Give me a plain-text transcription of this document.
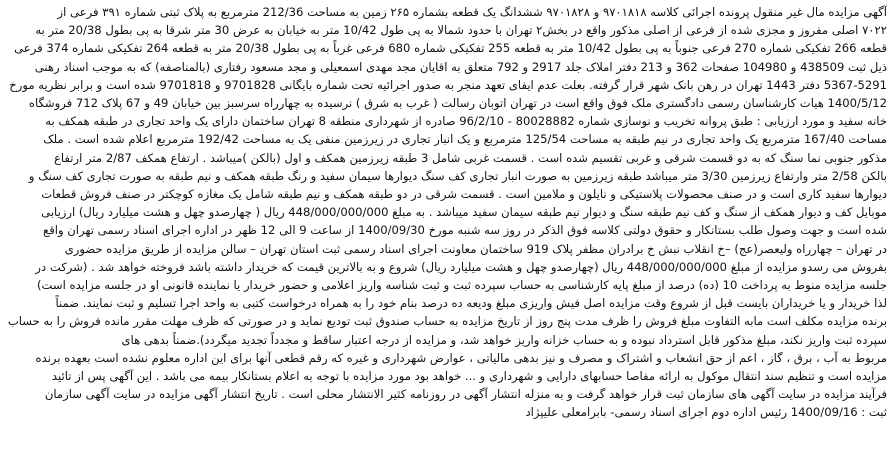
آگهی مزایده مال غیر منقول پرونده اجرائی کلاسه ۹۷۰۱۸۱۸ و ۹۷۰۱۸۲۸ ششدانگ یک قطعه بشماره ۲۶۵ زمین به مساحت 212/36 مترمربع به پلاک ثبتی شماره ۳۹۱ فرعی از
۷۰۲۲ اصلی مفروز و مجزی شده از فرعی از اصلی مذکور واقع در بخش۲ تهران با حدود شمالا به پی طول 10/42 متر به خیابان به عرض 30 متر شرقا به پی بطول 20/38 متر به
قطعه 266 تفکیکی شماره 270 فرعی جنوباً به پی بطول 10/42 متر به قطعه 255 تفکیکی شماره 680 فرعی غرباً به پی بطول 20/38 متر به قطعه 264 تفکیکی شماره 374 فرعی
ذیل ثبت 438509 و 104980 صفحات 362 و 213 دفتر املاک جلد 2917 و 792 متعلق به اقایان مجد مهدی اسمعیلی و مجد مسعود رفتاری (بالمناصفه) که به موجب اسناد رهنی
5367-5291 دفتر 1443 تهران در رهن بانک شهر قرار گرفته. بعلت عدم ایفای تعهد منجر به صدور اجرائیه تحت شماره بایگانی 9701828 و 9701818 شده است و برابر نظریه مورخ
1400/5/12 هیات کارشناسان رسمی دادگستری ملک فوق واقع است در تهران اتوبان رسالت ( غرب به شرق ) نرسیده به چهارراه سرسبز بین خیابان 49 و 67 پلاک 712 فروشگاه
خانه سفید و مورد ارزیابی : طبق پروانه تخریب و نوسازی شماره 80028882 - 96/2/10 صادره از شهرداری منطقه 8 تهران ساختمان دارای یک واحد تجاری در طبقه همکف به
مساحت 167/40 مترمربع یک واحد تجاری در نیم طبقه به مساحت 125/54 مترمربع و یک انبار تجاری در زیرزمین منفی یک به مساحت 192/42 مترمربع اعلام شده است . ملک
مذکور جنوبی نما سنگ که به دو قسمت شرقی و غربی تقسیم شده است . قسمت غربی شامل 3 طبقه زیرزمین همکف و اول (بالکن )میباشد . ارتفاع همکف 2/87 متر ارتفاع
بالکن 2/58 متر وارتفاع زیرزمین 3/30 متر میباشد طبقه زیرزمین به صورت انبار تجاری کف سنگ دیوارها سیمان سفید و رنگ طبقه همکف و نیم طبقه به صورت تجاری کف سنگ و
دیوارها سفید کاری است و در صنف محصولات پلاستیکی و نایلون و ملامین است . قسمت شرقی در دو طبقه همکف و نیم طبقه شامل یک مغازه کوچکتر در صنف فروش قطعات
موبایل کف و دیوار همکف از سنگ و کف نیم طبقه سنگ و دیوار نیم طبقه سیمان سفید میباشد . به مبلغ 448/000/000/000 ریال ( چهارصدو چهل و هشت میلیارد ریال) ارزیابی
شده است و جهت وصول طلب بستانکار و حقوق دولتی کلاسه فوق الذکر در روز سه شنبه مورخ 1400/09/30 از ساعت 9 الی 12 ظهر در اداره اجرای اسناد رسمی تهران واقع
در تهران – چهارراه ولیعصر(عج) –خ انقلاب نبش خ برادران مظفر پلاک 919 ساختمان معاونت اجرای اسناد رسمی ثبت استان تهران – سالن مزایده از طریق مزایده حضوری
بفروش می رسدو مزایده از مبلغ 448/000/000/000 ریال (چهارصدو چهل و هشت میلیارد ریال) شروع و به بالاترین قیمت که خریدار داشته باشد فروخته خواهد شد . (شرکت در
جلسه مزایده منوط به پرداخت 10 (ده) درصد از مبلغ پایه کارشناسی به حساب سپرده ثبت و ثبت شناسه واریز اعلامی و حضور خریدار یا نماینده قانونی او در جلسه مزایده است)
لذا خریدار و یا خریداران بایست قبل از شروع وقت مزایده اصل فیش واریزی مبلغ ودیعه ده درصد بنام خود را به همراه درخواست کتبی به واحد اجرا تسلیم و ثبت نمایند. ضمناً
برنده مزایده مکلف است مابه التفاوت مبلغ فروش را ظرف مدت پنج روز از تاریخ مزایده به حساب صندوق ثبت تودیع نماید و در صورتی که ظرف مهلت مقرر مانده فروش را به حساب
سپرده ثبت واریز نکند، مبلغ مذکور قابل استرداد نبوده و به حساب خزانه واریز خواهد شد، و مزایده از درجه اعتبار ساقط و مجدداً تجدید میگردد).ضمناً بدهی های
مربوط به آب ، برق ، گاز ، اعم از حق انشعاب و اشتراک و مصرف و نیز بدهی مالیاتی ، عوارض شهرداری و غیره که رقم قطعی آنها برای این اداره معلوم نشده است بعهده برنده
مزایده است و تنظیم سند انتقال موکول به ارائه مفاصا حسابهای دارایی و شهرداری و ... خواهد بود مورد مزایده با توجه به اعلام بستانکار بیمه می باشد . این آگهی پس از تائید
فرآیند مزایده در سایت آگهی های سازمان ثبت قرار خواهد گرفت و به منزله انتشار آگهی در روزنامه کثیر الانتشار محلی است . تاریخ انتشار آگهی مزایده در سایت آگهی سازمان
ثبت : 1400/09/16 رئیس اداره دوم اجرای اسناد رسمی- بابرامعلی علیپژاد
